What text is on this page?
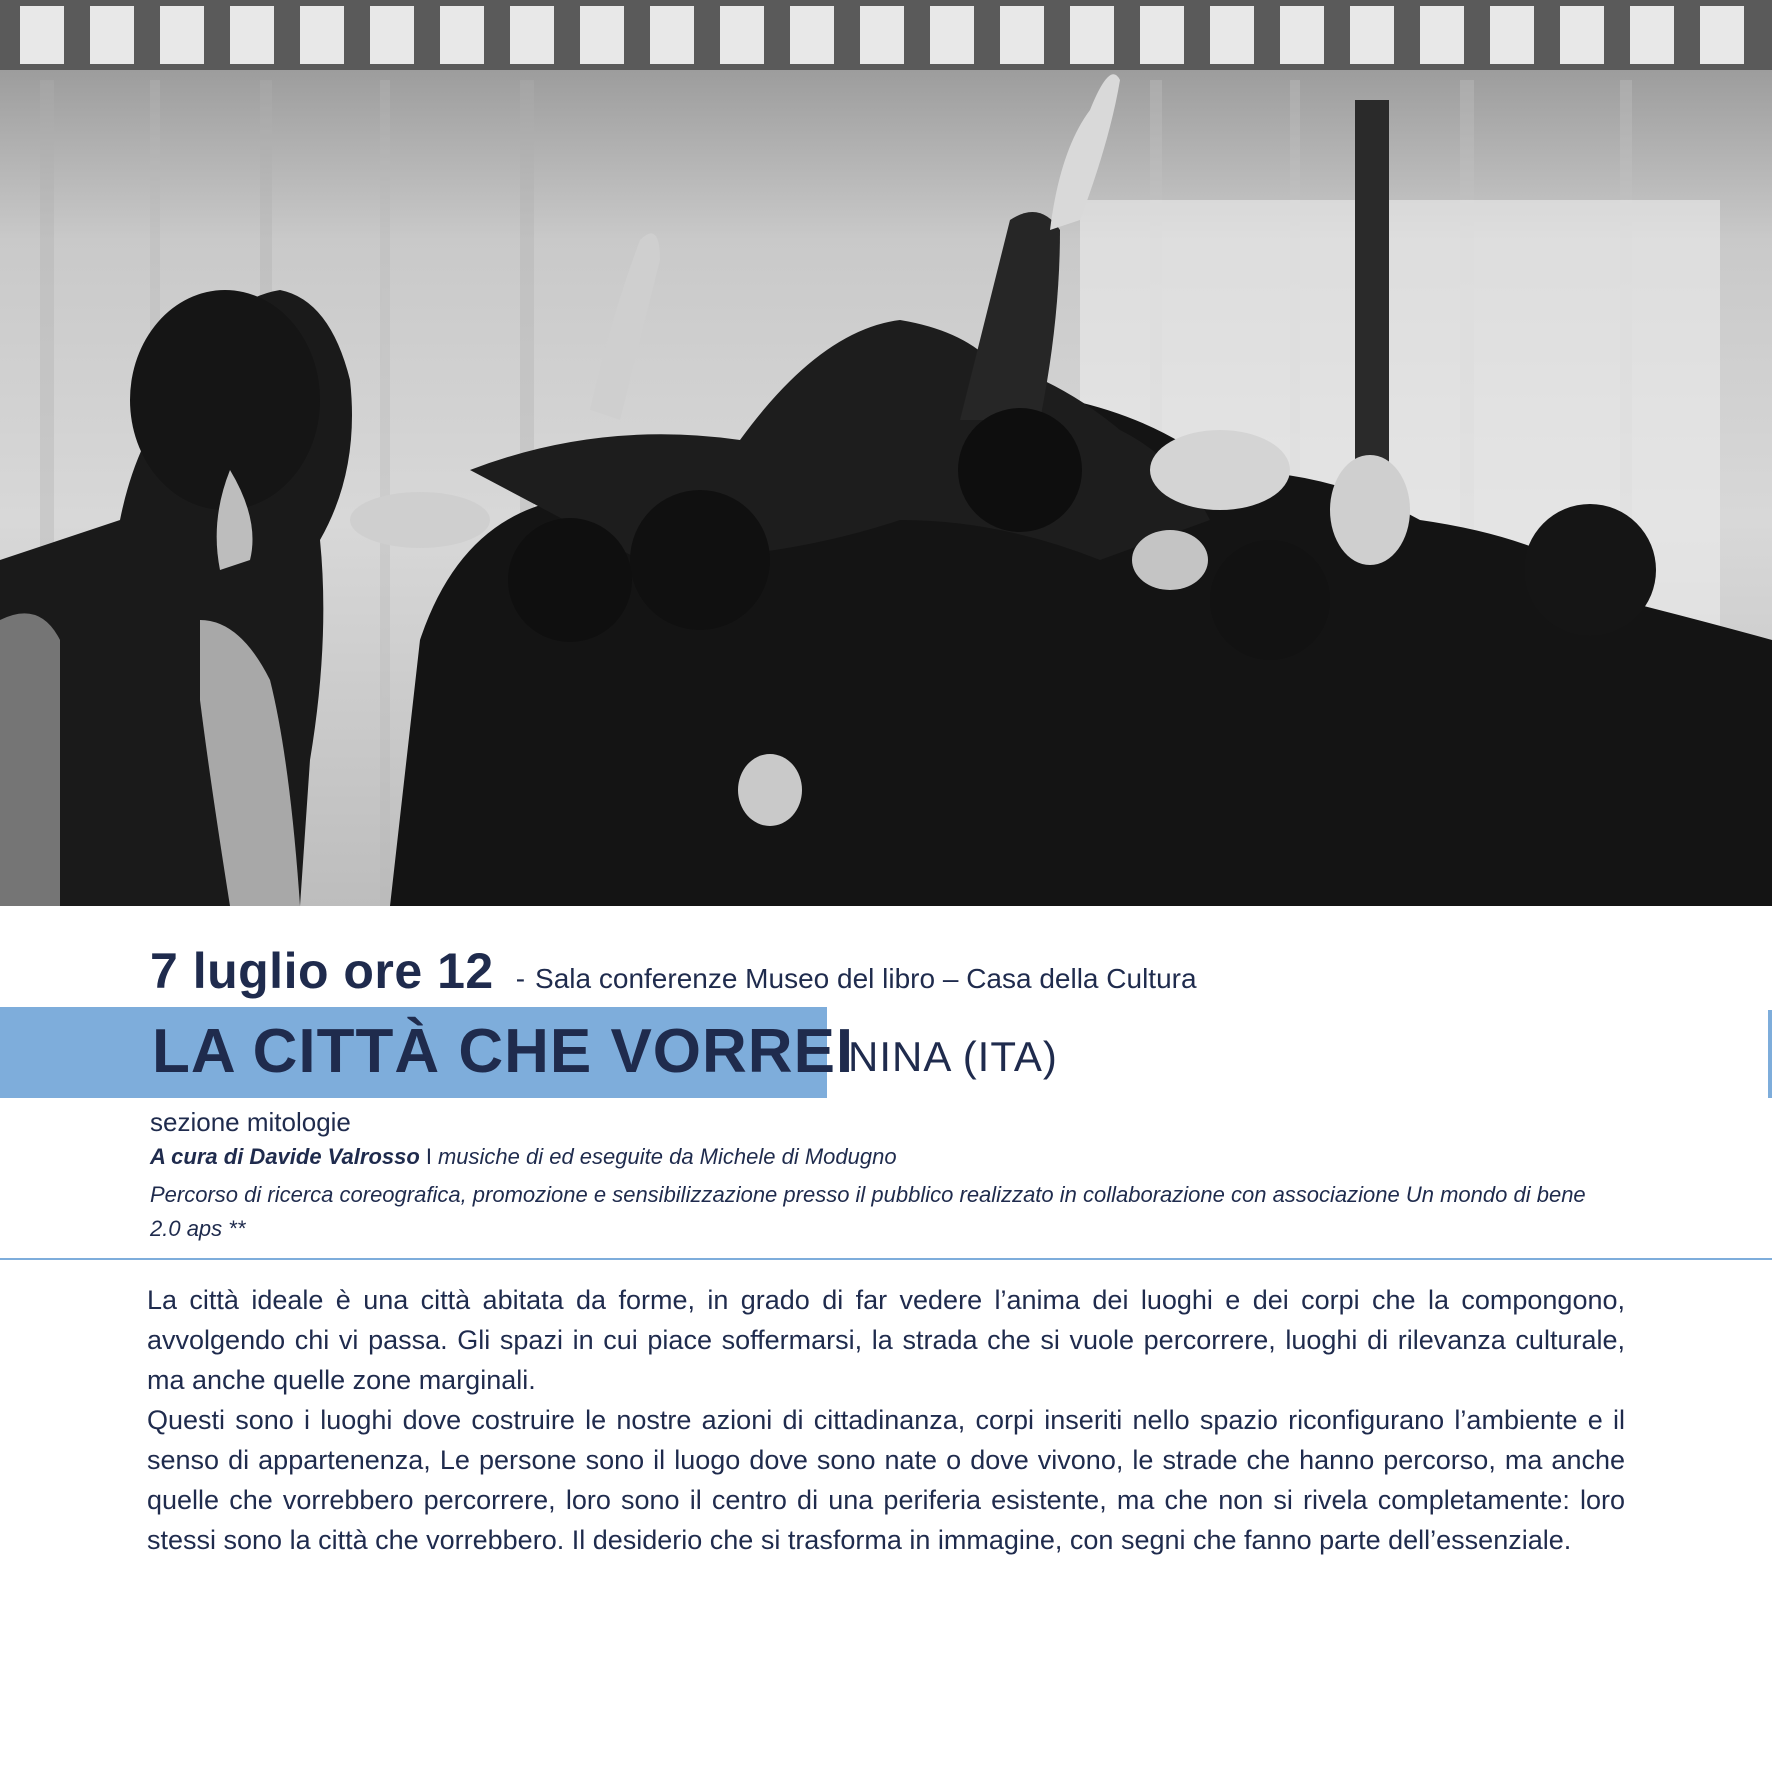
7 luglio ore 12 - Sala conferenze Museo del libro – Casa della Cultura
LA CITTÀ CHE VORREI
NINA (ITA)
sezione mitologie
A cura di Davide Valrosso I musiche di ed eseguite da Michele di Modugno
Percorso di ricerca coreografica, promozione e sensibilizzazione presso il pubblico realizzato in collaborazione con associazione Un mondo di bene 2.0 aps **

La città ideale è una città abitata da forme, in grado di far vedere l’anima dei luoghi e dei corpi che la compongono, avvolgendo chi vi passa. Gli spazi in cui piace soffermarsi, la strada che si vuole percorrere, luoghi di rilevanza culturale, ma anche quelle zone marginali.

Questi sono i luoghi dove costruire le nostre azioni di cittadinanza, corpi inseriti nello spazio riconfigurano l’ambiente e il senso di appartenenza, Le persone sono il luogo dove sono nate o dove vivono, le strade che hanno percorso, ma anche quelle che vorrebbero percorrere, loro sono il centro di una periferia esistente, ma che non si rivela completamente: loro stessi sono la città che vorrebbero. Il desiderio che si trasforma in immagine, con segni che fanno parte dell’essenziale.
